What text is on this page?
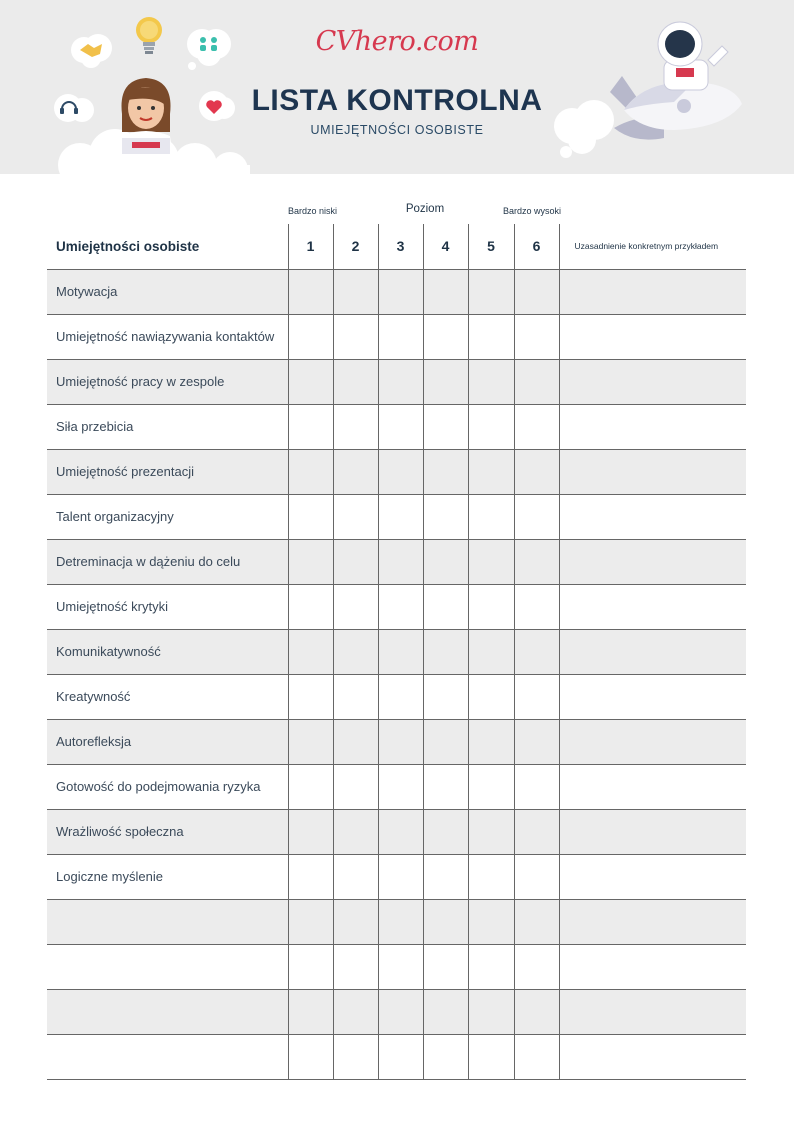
CVhero.com
LISTA KONTROLNA
UMIEJĘTNOŚCI OSOBISTE
Bardzo niski	Poziom	Bardzo wysoki
Umiejętności osobiste	1	2	3	4	5	6	Uzasadnienie konkretnym przykładem
Motywacja							
Umiejętność nawiązywania kontaktów							
Umiejętność pracy w zespole							
Siła przebicia							
Umiejętność prezentacji							
Talent organizacyjny							
Detreminacja w dążeniu do celu							
Umiejętność krytyki							
Komunikatywność							
Kreatywność							
Autorefleksja							
Gotowość do podejmowania ryzyka							
Wrażliwość społeczna							
Logiczne myślenie							
